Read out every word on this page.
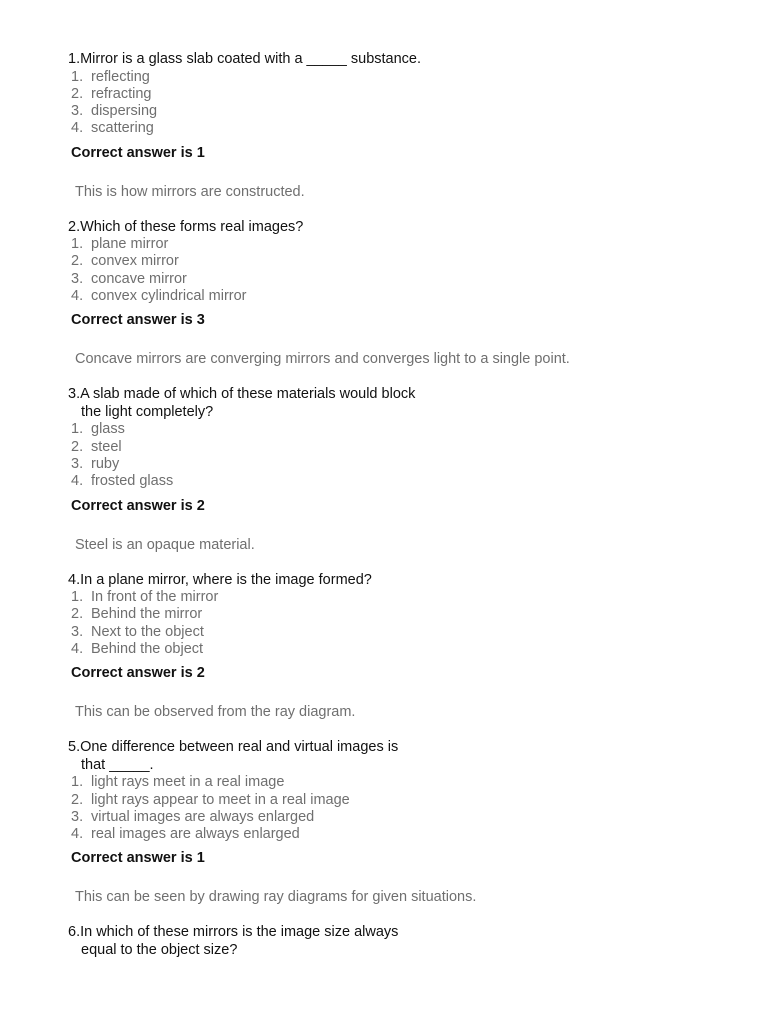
1.Mirror is a glass slab coated with a _____ substance.

1. reflecting
2. refracting
3. dispersing
4. scattering

Correct answer is 1

This is how mirrors are constructed.

2.Which of these forms real images?

1. plane mirror
2. convex mirror
3. concave mirror
4. convex cylindrical mirror

Correct answer is 3

Concave mirrors are converging mirrors and converges light to a single point.

3.A slab made of which of these materials would block
the light completely?

1. glass
2. steel
3. ruby
4. frosted glass

Correct answer is 2

Steel is an opaque material.

4.In a plane mirror, where is the image formed?

1. In front of the mirror
2. Behind the mirror
3. Next to the object
4. Behind the object

Correct answer is 2

This can be observed from the ray diagram.

5.One difference between real and virtual images is
that _____.

1. light rays meet in a real image
2. light rays appear to meet in a real image
3. virtual images are always enlarged
4. real images are always enlarged

Correct answer is 1

This can be seen by drawing ray diagrams for given situations.

6.In which of these mirrors is the image size always
equal to the object size?
